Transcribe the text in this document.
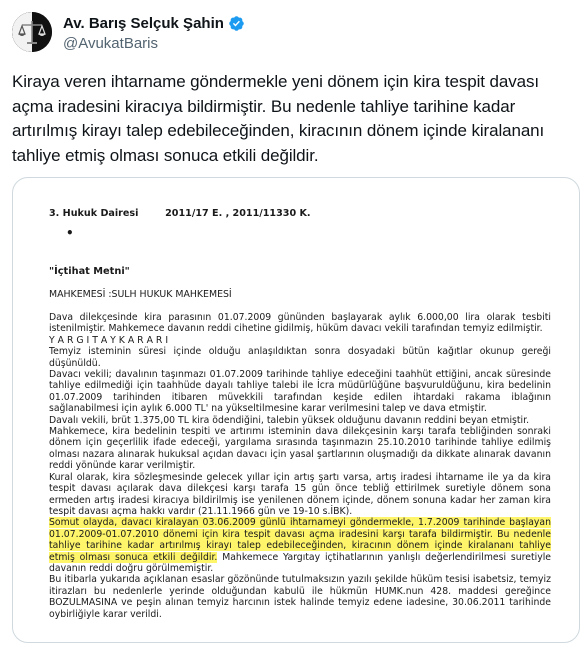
Av. Barış Selçuk Şahin
@AvukatBaris
Kiraya veren ihtarname göndermekle yeni dönem için kira tespit davası açma iradesini kiracıya bildirmiştir. Bu nedenle tahliye tarihine kadar artırılmış kirayı talep edebileceğinden, kiracının dönem içinde kiralananı tahliye etmiş olması sonuca etkili değildir.
3. Hukuk Dairesi        2011/17 E. , 2011/11330 K.
•
"İçtihat Metni"
MAHKEMESİ :SULH HUKUK MAHKEMESİ

Dava dilekçesinde kira parasının 01.07.2009 gününden başlayarak aylık 6.000,00 lira olarak tesbiti istenilmiştir. Mahkemece davanın reddi cihetine gidilmiş, hüküm davacı vekili tarafından temyiz edilmiştir.

Y A R G I T A Y K A R A R I

Temyiz isteminin süresi içinde olduğu anlaşıldıktan sonra dosyadaki bütün kağıtlar okunup gereği düşünüldü.

Davacı vekili; davalının taşınmazı 01.07.2009 tarihinde tahliye edeceğini taahhüt ettiğini, ancak süresinde tahliye edilmediği için taahhüde dayalı tahliye talebi ile İcra müdürlüğüne başvuruldüğunu, kira bedelinin 01.07.2009 tarihinden itibaren müvekkili tarafından keşide edilen ihtardaki rakama iblağının sağlanabilmesi için aylık 6.000 TL' na yükseltilmesine karar verilmesini talep ve dava etmiştir.

Davalı vekili, brüt 1.375,00 TL kira ödendiğini, talebin yüksek olduğunu davanın reddini beyan etmiştir.

Mahkemece, kira bedelinin tespiti ve artırımı isteminin dava dilekçesinin karşı tarafa tebliğinden sonraki dönem için geçerlilik ifade edeceği, yargılama sırasında taşınmazın 25.10.2010 tarihinde tahliye edilmiş olması nazara alınarak hukuksal açıdan davacı için yasal şartlarının oluşmadığı da dikkate alınarak davanın reddi yönünde karar verilmiştir.

Kural olarak, kira sözleşmesinde gelecek yıllar için artış şartı varsa, artış iradesi ihtarname ile ya da kira tespit davası açılarak dava dilekçesi karşı tarafa 15 gün önce tebliğ ettirilmek suretiyle dönem sona ermeden artış iradesi kiracıya bildirilmiş ise yenilenen dönem içinde, dönem sonuna kadar her zaman kira tespit davası açma hakkı vardır (21.11.1966 gün ve 19-10 s.İBK).

Somut olayda, davacı kiralayan 03.06.2009 günlü ihtarnameyi göndermekle, 1.7.2009 tarihinde başlayan 01.07.2009-01.07.2010 dönemi için kira tespit davası açma iradesini karşı tarafa bildirmiştir. Bu nedenle tahliye tarihine kadar artırılmış kirayı talep edebileceğinden, kiracının dönem içinde kiralananı tahliye etmiş olması sonuca etkili değildir. Mahkemece Yargıtay içtihatlarının yanlışlı değerlendirilmesi suretiyle davanın reddi doğru görülmemiştir.

Bu itibarla yukarıda açıklanan esaslar gözönünde tutulmaksızın yazılı şekilde hüküm tesisi isabetsiz, temyiz itirazları bu nedenlerle yerinde olduğundan kabulü ile hükmün HUMK.nun 428. maddesi gereğince BOZULMASINA ve peşin alınan temyiz harcının istek halinde temyiz edene iadesine, 30.06.2011 tarihinde oybirliğiyle karar verildi.
